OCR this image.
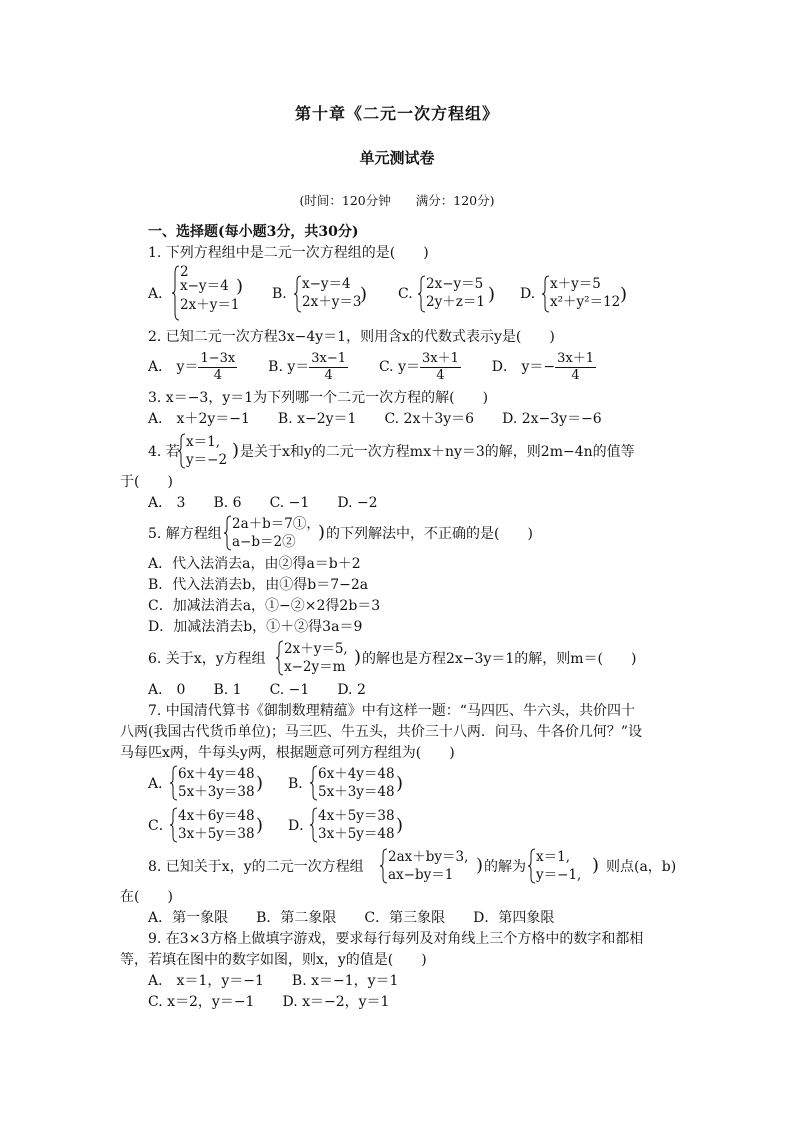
第十章《二元一次方程组》
单元测试卷
(时间：120分钟　　满分：120分)
一、选择题(每小题3分，共30分)
1. 下列方程组中是二元一次方程组的是(　　)
A．
2
x−y＝4
2x＋y＝1
) B.
x−y＝4
2x＋y＝3
) C.
2x−y＝5
2y＋z＝1 ) D.
x＋y＝5
x²＋y²＝12 )
2. 已知二元一次方程3x−4y＝1，则用含x的代数式表示y是(　　)
A． $y= \frac{1-3x}{4} B$. $y= \frac{3x-1}{4} C$. $y= \frac{3x+1}{4}$ D． $y=- \frac{3x+1}{4}$
3. x＝−3，y＝1为下列哪一个二元一次方程的解(　　)
A． x＋2y＝−1　　B. x−2y＝1　　C. 2x＋3y＝6　　D. 2x−3y＝−6
4. 若
x＝1,
y＝−2 ) 是关于x和y的二元一次方程mx＋ny＝3的解，则2m−4n的值等
于(　　)
A． 3　　B. 6　　C. −1　　D. −2
5. 解方程组
2a＋b＝7①，
a−b＝2②	) 的下列解法中，不正确的是(　　)
A．代入法消去a，由②得a＝b＋2
B．代入法消去b，由①得b＝7−2a
C．加减法消去a，①−②×2得2b＝3
D．加减法消去b，①＋②得3a＝9
6. 关于x，y方程组
2x＋y＝5,
x−2y＝m ) 的解也是方程2x−3y＝1的解，则m＝(　　)
A． 0　　B. 1　　C. −1　　D. 2
7. 中国清代算书《御制数理精蕴》中有这样一题：“马四匹、牛六头，共价四十
八两(我国古代货币单位)；马三匹、牛五头，共价三十八两．问马、牛各价几何？”设
马每匹x两，牛每头y两，根据题意可列方程组为(　　)
A．
6x＋4y＝48
5x＋3y＝38 ) B．
6x＋4y＝48
5x＋3y＝48 )
C．
4x＋6y＝48
3x＋5y＝38 ) D．
4x＋5y＝38
3x＋5y＝48 )
8. 已知关于x，y的二元一次方程组
2ax＋by＝3,
ax−by＝1	) 的解为
x＝1,
y＝−1, ) 则点(a，b)
在(　　)
A．第一象限　　B．第二象限　　C．第三象限　　D．第四象限
9. 在3×3方格上做填字游戏，要求每行每列及对角线上三个方格中的数字和都相
等，若填在图中的数字如图，则x，y的值是(　　)
A． x＝1，y＝−1　　B. x＝−1，y＝1
C. x＝2，y＝−1　　D. x＝−2，y＝1
